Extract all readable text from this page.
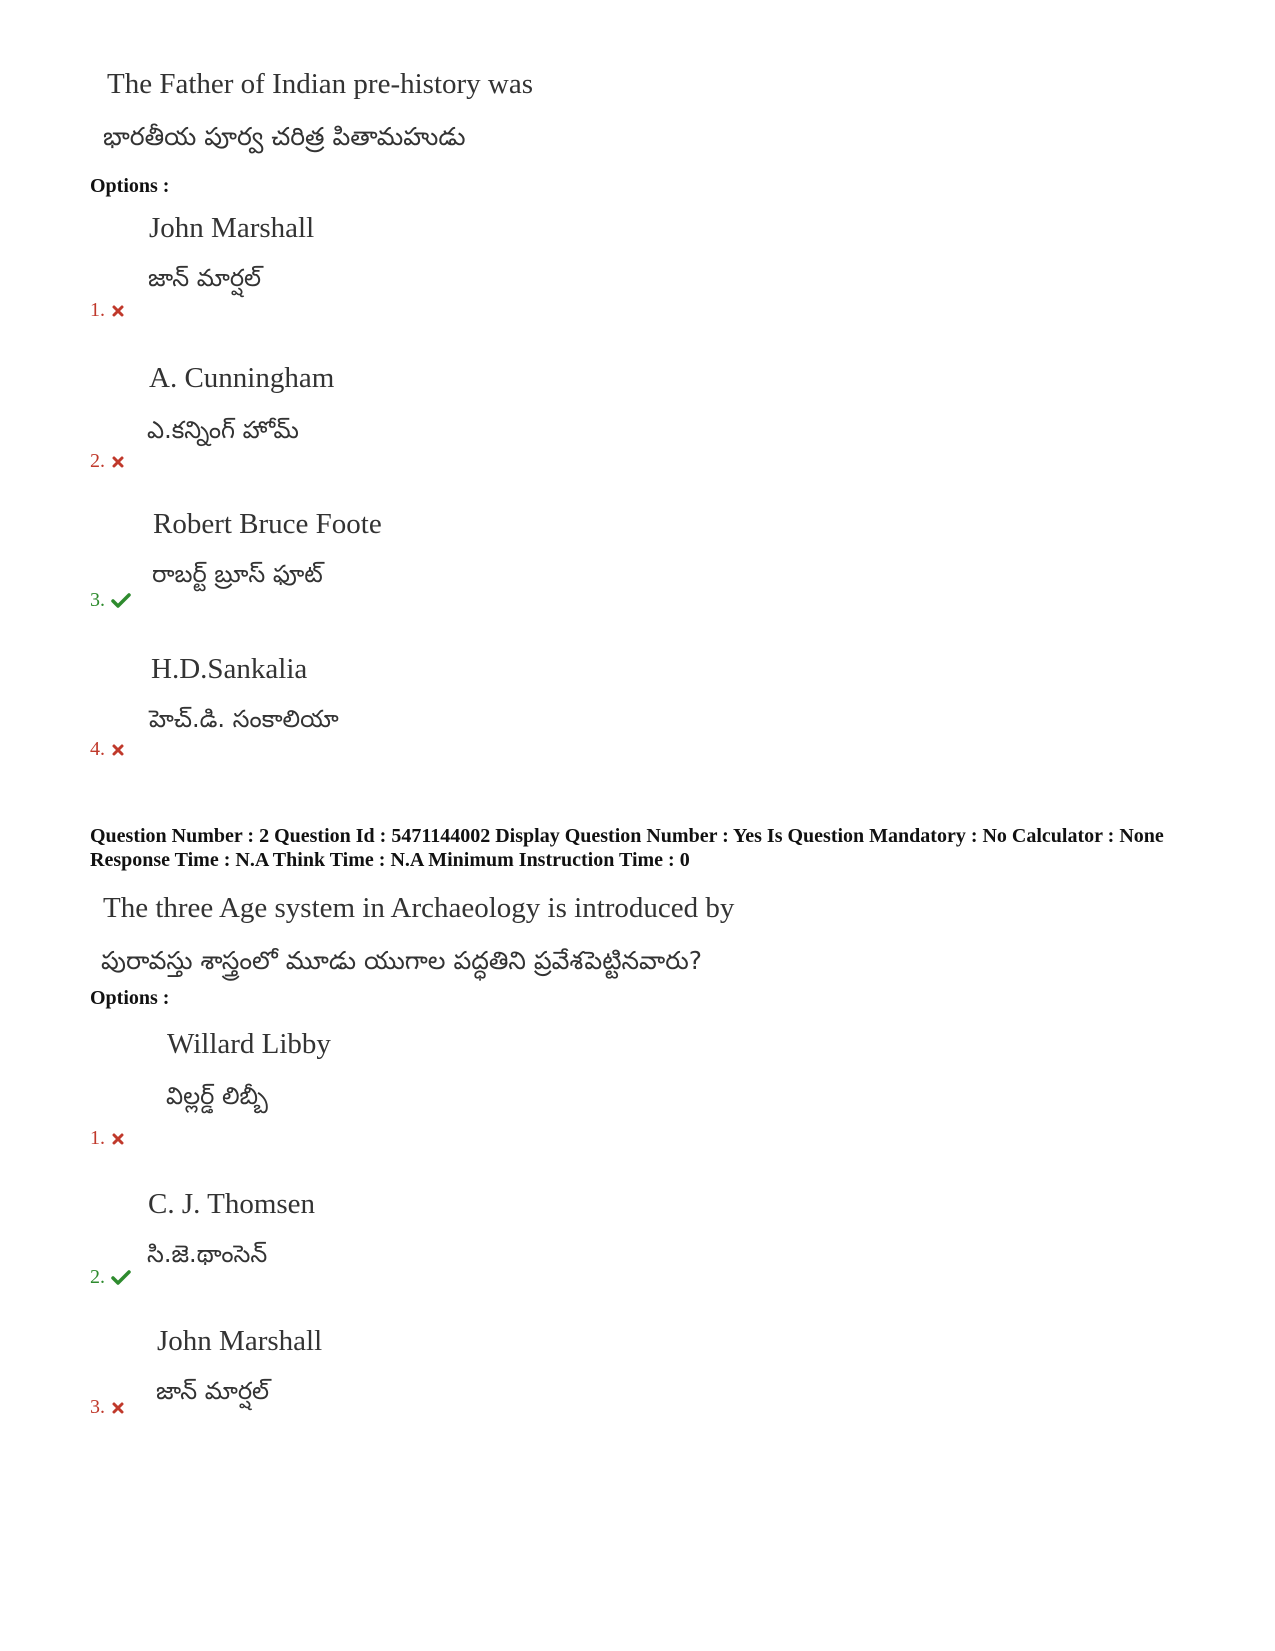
The Father of Indian pre-history was
భారతీయ పూర్వ చరిత్ర పితామహుడు
Options :
John Marshall
జాన్ మార్షల్
1.
A. Cunningham
ఎ.కన్నింగ్ హోమ్
2.
Robert Bruce Foote
రాబర్ట్ బ్రూస్ ఫూట్
3.
H.D.Sankalia
హెచ్.డి. సంకాలియా
4.
Question Number : 2 Question Id : 5471144002 Display Question Number : Yes Is Question Mandatory : No Calculator : None Response Time : N.A Think Time : N.A Minimum Instruction Time : 0
The three Age system in Archaeology is introduced by
పురావస్తు శాస్త్రంలో మూడు యుగాల పద్ధతిని ప్రవేశపెట్టినవారు?
Options :
Willard Libby
విల్లర్డ్ లిబ్బీ
1.
C. J. Thomsen
సి.జె.థాంసెన్
2.
John Marshall
జాన్ మార్షల్
3.
